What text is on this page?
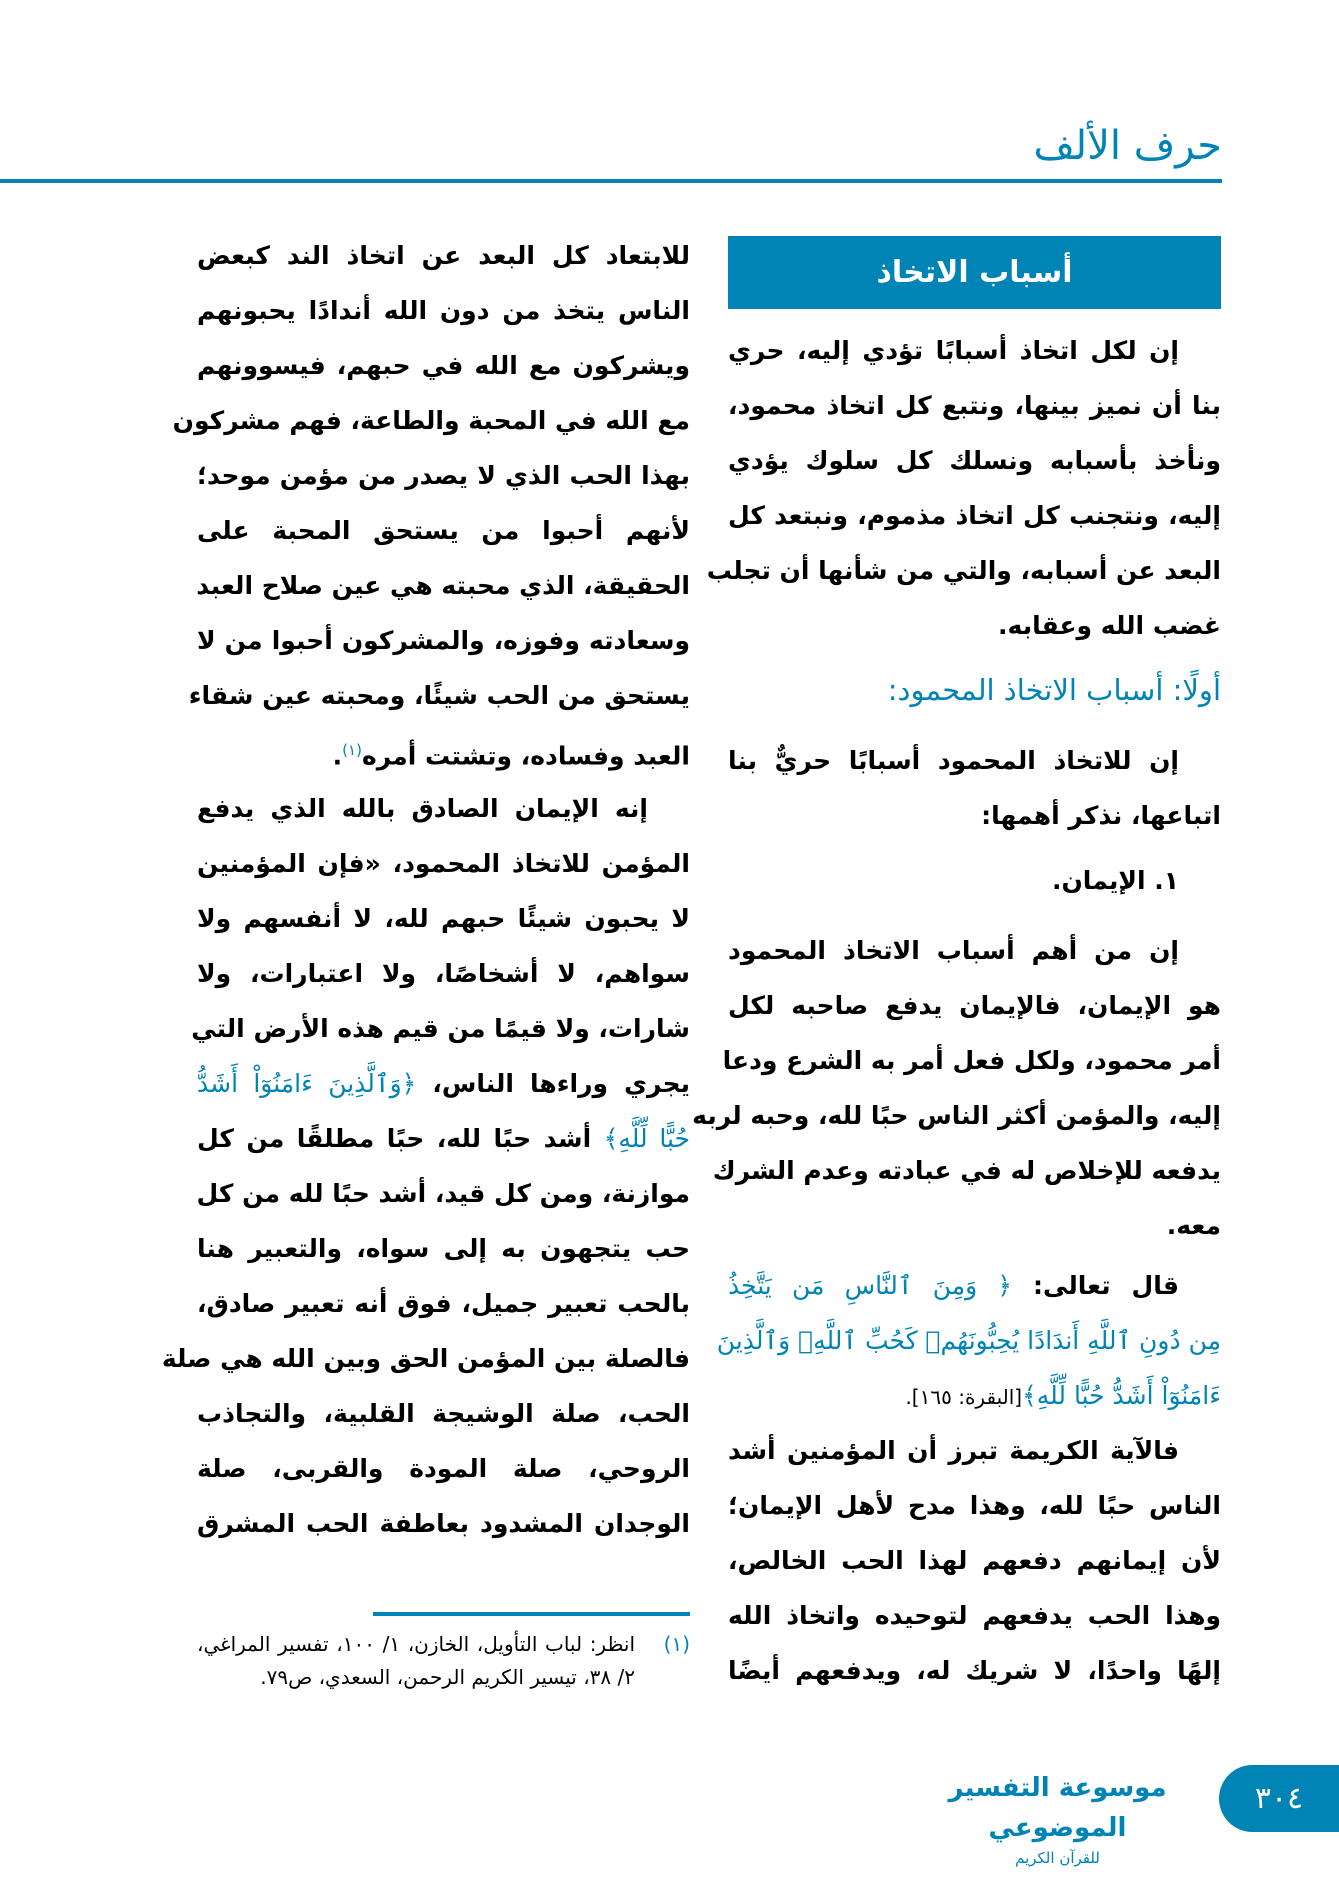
حرف الألف
أسباب الاتخاذ
إن لكل اتخاذ أسبابًا تؤدي إليه، حري
بنا أن نميز بينها، ونتبع كل اتخاذ محمود،
ونأخذ بأسبابه ونسلك كل سلوك يؤدي
إليه، ونتجنب كل اتخاذ مذموم، ونبتعد كل
البعد عن أسبابه، والتي من شأنها أن تجلب
غضب الله وعقابه.
أولًا: أسباب الاتخاذ المحمود:
إن للاتخاذ المحمود أسبابًا حريٌّ بنا
اتباعها، نذكر أهمها:
١. الإيمان.
إن من أهم أسباب الاتخاذ المحمود
هو الإيمان، فالإيمان يدفع صاحبه لكل
أمر محمود، ولكل فعل أمر به الشرع ودعا
إليه، والمؤمن أكثر الناس حبًا لله، وحبه لربه
يدفعه للإخلاص له في عبادته وعدم الشرك
معه.
قال تعالى: ﴿ وَمِنَ ٱلنَّاسِ مَن يَتَّخِذُ
مِن دُونِ ٱللَّهِ أَندَادًا يُحِبُّونَهُمۡ كَحُبِّ ٱللَّهِۖ وَٱلَّذِينَ
ءَامَنُوٓاْ أَشَدُّ حُبًّا لِّلَّهِ﴾[البقرة: ١٦٥].
فالآية الكريمة تبرز أن المؤمنين أشد
الناس حبًا لله، وهذا مدح لأهل الإيمان؛
لأن إيمانهم دفعهم لهذا الحب الخالص،
وهذا الحب يدفعهم لتوحيده واتخاذ الله
إلهًا واحدًا، لا شريك له، ويدفعهم أيضًا
للابتعاد كل البعد عن اتخاذ الند كبعض
الناس يتخذ من دون الله أندادًا يحبونهم
ويشركون مع الله في حبهم، فيسوونهم
مع الله في المحبة والطاعة، فهم مشركون
بهذا الحب الذي لا يصدر من مؤمن موحد؛
لأنهم أحبوا من يستحق المحبة على
الحقيقة، الذي محبته هي عين صلاح العبد
وسعادته وفوزه، والمشركون أحبوا من لا
يستحق من الحب شيئًا، ومحبته عين شقاء
العبد وفساده، وتشتت أمره$^{(١)}$.
إنه الإيمان الصادق بالله الذي يدفع
المؤمن للاتخاذ المحمود، «فإن المؤمنين
لا يحبون شيئًا حبهم لله، لا أنفسهم ولا
سواهم، لا أشخاصًا، ولا اعتبارات، ولا
شارات، ولا قيمًا من قيم هذه الأرض التي
يجري وراءها الناس، ﴿وَٱلَّذِينَ ءَامَنُوٓاْ أَشَدُّ
حُبًّا لِّلَّهِ﴾ أشد حبًا لله، حبًا مطلقًا من كل
موازنة، ومن كل قيد، أشد حبًا لله من كل
حب يتجهون به إلى سواه، والتعبير هنا
بالحب تعبير جميل، فوق أنه تعبير صادق،
فالصلة بين المؤمن الحق وبين الله هي صلة
الحب، صلة الوشيجة القلبية، والتجاذب
الروحي، صلة المودة والقربى، صلة
الوجدان المشدود بعاطفة الحب المشرق
(١)
انظر: لباب التأويل، الخازن، ١/ ١٠٠، تفسير المراغي، ٢/ ٣٨، تيسير الكريم الرحمن، السعدي، ص٧٩.
موسوعة التفسير الموضوعي
للقرآن الكريم
٣٠٤
